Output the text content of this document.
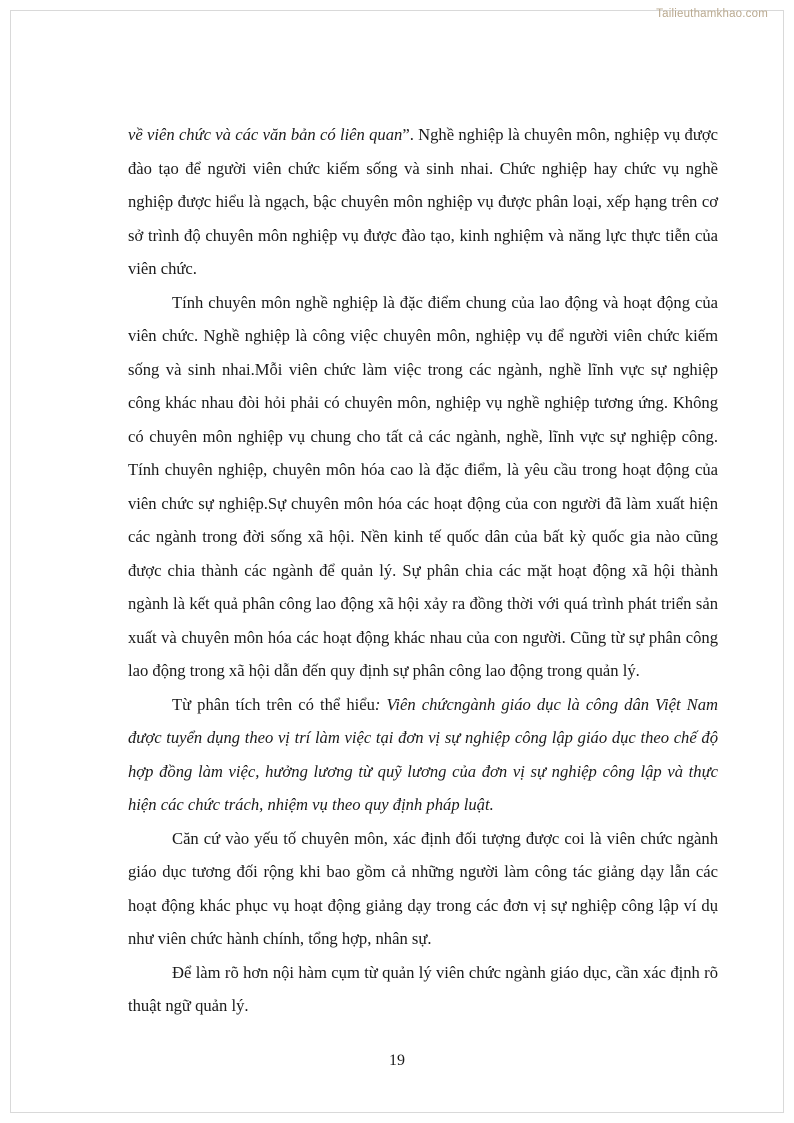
Tailieuthamkhao.com

về viên chức và các văn bản có liên quan”. Nghề nghiệp là chuyên môn, nghiệp vụ được đào tạo để người viên chức kiếm sống và sinh nhai. Chức nghiệp hay chức vụ nghề nghiệp được hiểu là ngạch, bậc chuyên môn nghiệp vụ được phân loại, xếp hạng trên cơ sở trình độ chuyên môn nghiệp vụ được đào tạo, kinh nghiệm và năng lực thực tiễn của viên chức.

Tính chuyên môn nghề nghiệp là đặc điểm chung của lao động và hoạt động của viên chức. Nghề nghiệp là công việc chuyên môn, nghiệp vụ để người viên chức kiếm sống và sinh nhai.Mỗi viên chức làm việc trong các ngành, nghề lĩnh vực sự nghiệp công khác nhau đòi hỏi phải có chuyên môn, nghiệp vụ nghề nghiệp tương ứng. Không có chuyên môn nghiệp vụ chung cho tất cả các ngành, nghề, lĩnh vực sự nghiệp công. Tính chuyên nghiệp, chuyên môn hóa cao là đặc điểm, là yêu cầu trong hoạt động của viên chức sự nghiệp.Sự chuyên môn hóa các hoạt động của con người đã làm xuất hiện các ngành trong đời sống xã hội. Nền kinh tế quốc dân của bất kỳ quốc gia nào cũng được chia thành các ngành để quản lý. Sự phân chia các mặt hoạt động xã hội thành ngành là kết quả phân công lao động xã hội xảy ra đồng thời với quá trình phát triển sản xuất và chuyên môn hóa các hoạt động khác nhau của con người. Cũng từ sự phân công lao động trong xã hội dẫn đến quy định sự phân công lao động trong quản lý.

Từ phân tích trên có thể hiểu: Viên chứcngành giáo dục là công dân Việt Nam được tuyển dụng theo vị trí làm việc tại đơn vị sự nghiệp công lập giáo dục theo chế độ hợp đồng làm việc, hưởng lương từ quỹ lương của đơn vị sự nghiệp công lập và thực hiện các chức trách, nhiệm vụ theo quy định pháp luật.

Căn cứ vào yếu tố chuyên môn, xác định đối tượng được coi là viên chức ngành giáo dục tương đối rộng khi bao gồm cả những người làm công tác giảng dạy lẫn các hoạt động khác phục vụ hoạt động giảng dạy trong các đơn vị sự nghiệp công lập ví dụ như viên chức hành chính, tổng hợp, nhân sự.

Để làm rõ hơn nội hàm cụm từ quản lý viên chức ngành giáo dục, cần xác định rõ thuật ngữ quản lý.

19
